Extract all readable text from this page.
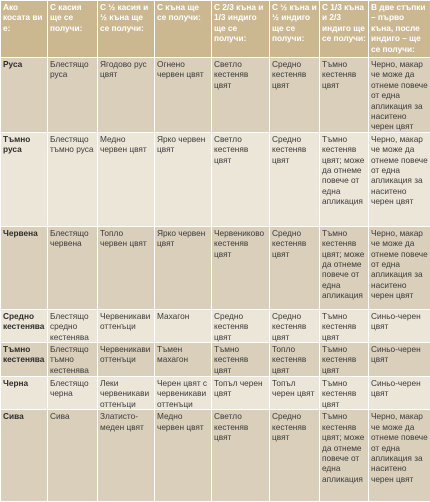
Ако косата ви е:	С касия ще се получи:	С ½ касия и ½ къна ще се получи:	С къна ще се получи:	С 2/3 къна и 1/3 индиго ще се получи:	С ½ къна и ½ индиго ще се получи:	С 1/3 къна и 2/3 индиго ще се получи:	В две стъпки – първо къна, после индиго – ще се получи:
Руса	Блестящо руса	Ягодово рус цвят	Огнено червен цвят	Светло кестеняв цвят	Средно кестеняв цвят	Тъмно кестеняв цвят	Черно, макар че може да отнеме повече от една апликация за наситено черен цвят
Тъмно руса	Блестящо тъмно руса	Медно червен цвят	Ярко червен цвят	Светло кестеняв цвят	Средно кестеняв цвят	Тъмно кестеняв цвят; може да отнеме повече от една апликация	Черно, макар че може да отнеме повече от една апликация за наситено черен цвят
Червена	Блестящо червена	Топло червен цвят	Ярко червен цвят	Червениково кестеняв цвят	Средно кестеняв цвят	Тъмно кестеняв цвят; може да отнеме повече от една апликация	Черно, макар че може да отнеме повече от една апликация за наситено черен цвят
Средно кестенява	Блестящо средно кестенява	Червеникави оттенъци	Махагон	Средно кестеняв цвят	Средно кестеняв цвят	Тъмно кестеняв цвят	Синьо-черен цвят
Тъмно кестенява	Блестящо тъмно кестенява	Червеникави оттенъци	Тъмен махагон	Тъмно кестеняв цвят	Топло кестеняв цвят	Тъмно кестеняв цвят	Синьо-черен цвят
Черна	Блестящо черна	Леки червеникави оттенъци	Черен цвят с червеникави оттенъци	Топъл черен цвят	Топъл черен цвят	Тъмно кестеняв цвят	Синьо-черен цвят
Сива	Сива	Златисто-меден цвят	Медно червен цвят	Светло кестеняв цвят	Средно кестеняв цвят	Тъмно кестеняв цвят; може да отнеме повече от една апликация	Черно, макар че може да отнеме повече от една апликация за наситено черен цвят
